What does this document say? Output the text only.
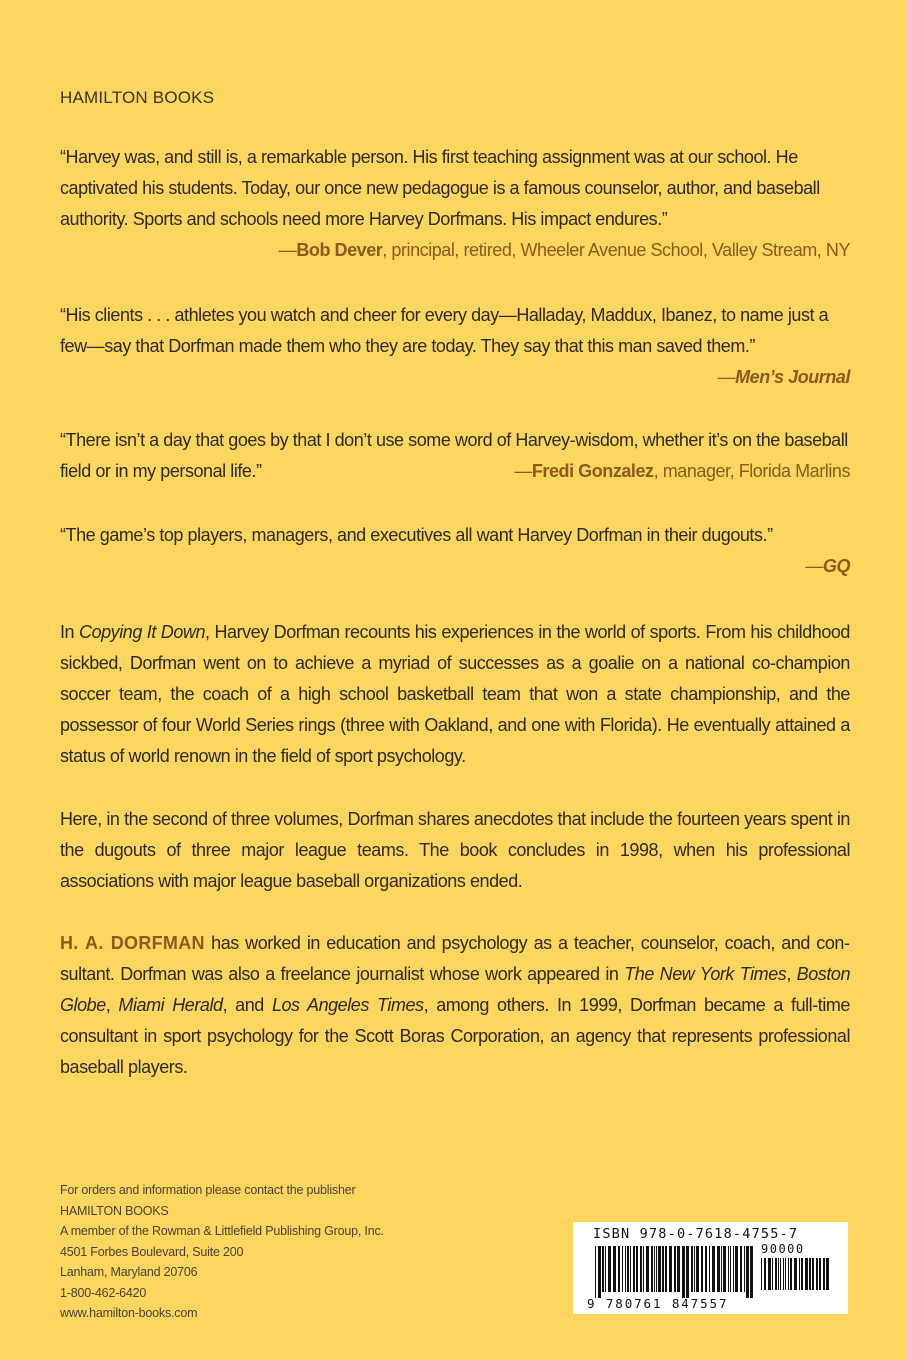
HAMILTON BOOKS

“Harvey was, and still is, a remarkable person. His first teaching assignment was at our school. He captivated his students. Today, our once new pedagogue is a famous counselor, author, and baseball authority. Sports and schools need more Harvey Dorfmans. His impact endures.”

—Bob Dever, principal, retired, Wheeler Avenue School, Valley Stream, NY

“His clients . . . athletes you watch and cheer for every day—Halladay, Maddux, Ibanez, to name just a few—say that Dorfman made them who they are today. They say that this man saved them.”

—Men’s Journal

“There isn’t a day that goes by that I don’t use some word of Harvey-wisdom, whether it’s on the baseball field or in my personal life.”	—Fredi Gonzalez, manager, Florida Marlins

“The game’s top players, managers, and executives all want Harvey Dorfman in their dugouts.”

—GQ

In Copying It Down, Harvey Dorfman recounts his experiences in the world of sports. From his childhood sickbed, Dorfman went on to achieve a myriad of successes as a goalie on a national co-champion soccer team, the coach of a high school basketball team that won a state championship, and the possessor of four World Series rings (three with Oakland, and one with Florida). He eventually attained a status of world renown in the field of sport psychology.

Here, in the second of three volumes, Dorfman shares anecdotes that include the fourteen years spent in the dugouts of three major league teams. The book concludes in 1998, when his professional associations with major league baseball organizations ended.

H. A. DORFMAN has worked in education and psychology as a teacher, counselor, coach, and consultant. Dorfman was also a freelance journalist whose work appeared in The New York Times, Boston Globe, Miami Herald, and Los Angeles Times, among others. In 1999, Dorfman became a full-time consultant in sport psychology for the Scott Boras Corporation, an agency that represents professional baseball players.

For orders and information please contact the publisher
HAMILTON BOOKS
A member of the Rowman & Littlefield Publishing Group, Inc.
4501 Forbes Boulevard, Suite 200
Lanham, Maryland 20706
1-800-462-6420
www.hamilton-books.com
ISBN 978-0-7618-4755-7
90000
9 780761 847557
